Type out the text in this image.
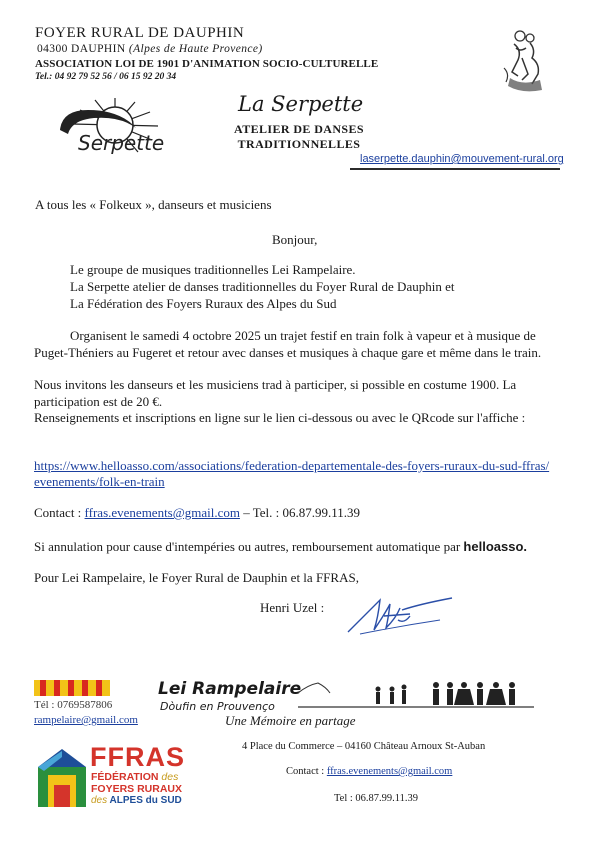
FOYER RURAL DE DAUPHIN
04300 DAUPHIN (Alpes de Haute Provence)
ASSOCIATION LOI DE 1901 D'ANIMATION SOCIO-CULTURELLE
Tel.: 04 92 79 52 56 / 06 15 92 20 34
Serpette
La Serpette
ATELIER DE DANSES
TRADITIONNELLES
laserpette.dauphin@mouvement-rural.org
A tous les « Folkeux », danseurs et musiciens
Bonjour,
Le groupe de musiques traditionnelles Lei Rampelaire.
La Serpette atelier de danses traditionnelles du Foyer Rural de Dauphin et
La Fédération des Foyers Ruraux des Alpes du Sud
Organisent le samedi 4 octobre 2025 un trajet festif en train folk à vapeur et à musique de Puget-Théniers au Fugeret et retour avec danses et musiques à chaque gare et même dans le train.
Nous invitons les danseurs et les musiciens trad à participer, si possible en costume 1900. La participation est de 20 €.
Renseignements et inscriptions en ligne sur le lien ci-dessous ou avec le QRcode sur l'affiche :
https://www.helloasso.com/associations/federation-departementale-des-foyers-ruraux-du-sud-ffras/evenements/folk-en-train
Contact : ffras.evenements@gmail.com – Tel. : 06.87.99.11.39
Si annulation pour cause d'intempéries ou autres, remboursement automatique par helloasso.
Pour Lei Rampelaire, le Foyer Rural de Dauphin et la FFRAS,
Henri Uzel :
Tél : 0769587806
rampelaire@gmail.com
Lei Rampelaire
Dòufin en Prouvenço
Une Mémoire en partage
FFRAS
FÉDÉRATION des
FOYERS RURAUX
des ALPES du SUD
4 Place du Commerce – 04160 Château Arnoux St-Auban
Contact : ffras.evenements@gmail.com
Tel : 06.87.99.11.39
